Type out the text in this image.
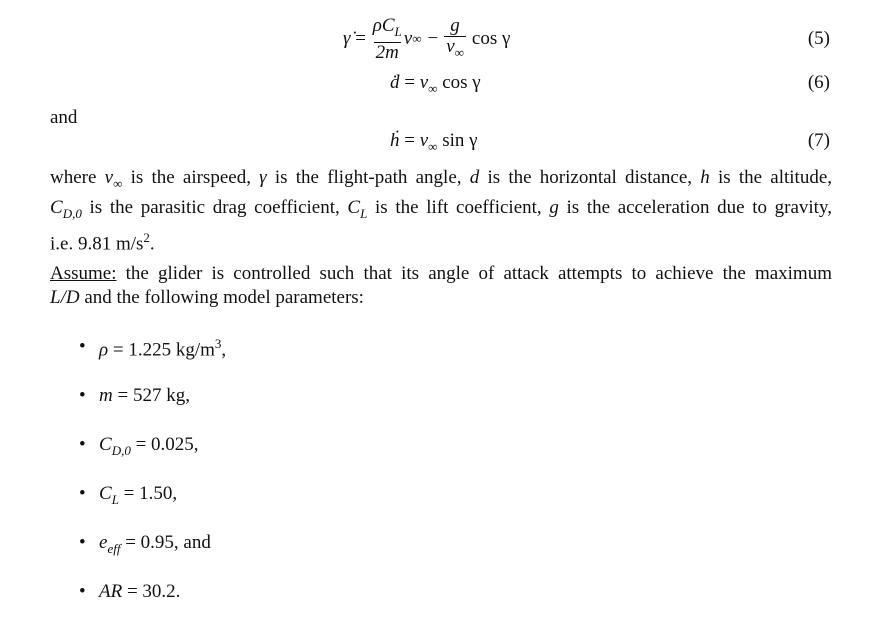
γ̇ = $\frac{\rho C_L}{2m}$ v ∞ − $\frac{g}{v_\infty}$ cos γ	(5)
ḋ = $v_\infty$ cos γ	(6)
and
ḣ = $v_\infty$ sin γ	(7)
where $v_\infty$ is the airspeed, γ is the flight-path angle, d is the horizontal distance, h is the altitude,
$C_{D,0}$ is the parasitic drag coefficient, $C_L$ is the lift coefficient, g is the acceleration due to gravity,
i.e. 9.81 $m/s^2$.
Assume: the glider is controlled such that its angle of attack attempts to achieve the maximum
L/D and the following model parameters:
• ρ = 1.225 $kg/m^3$,
• m = 527 kg,
• $C_{D,0} = 0.025$,
• $C_L = 1.50$,
• $e_{eff} = 0.95$, and
• AR = 30.2.
